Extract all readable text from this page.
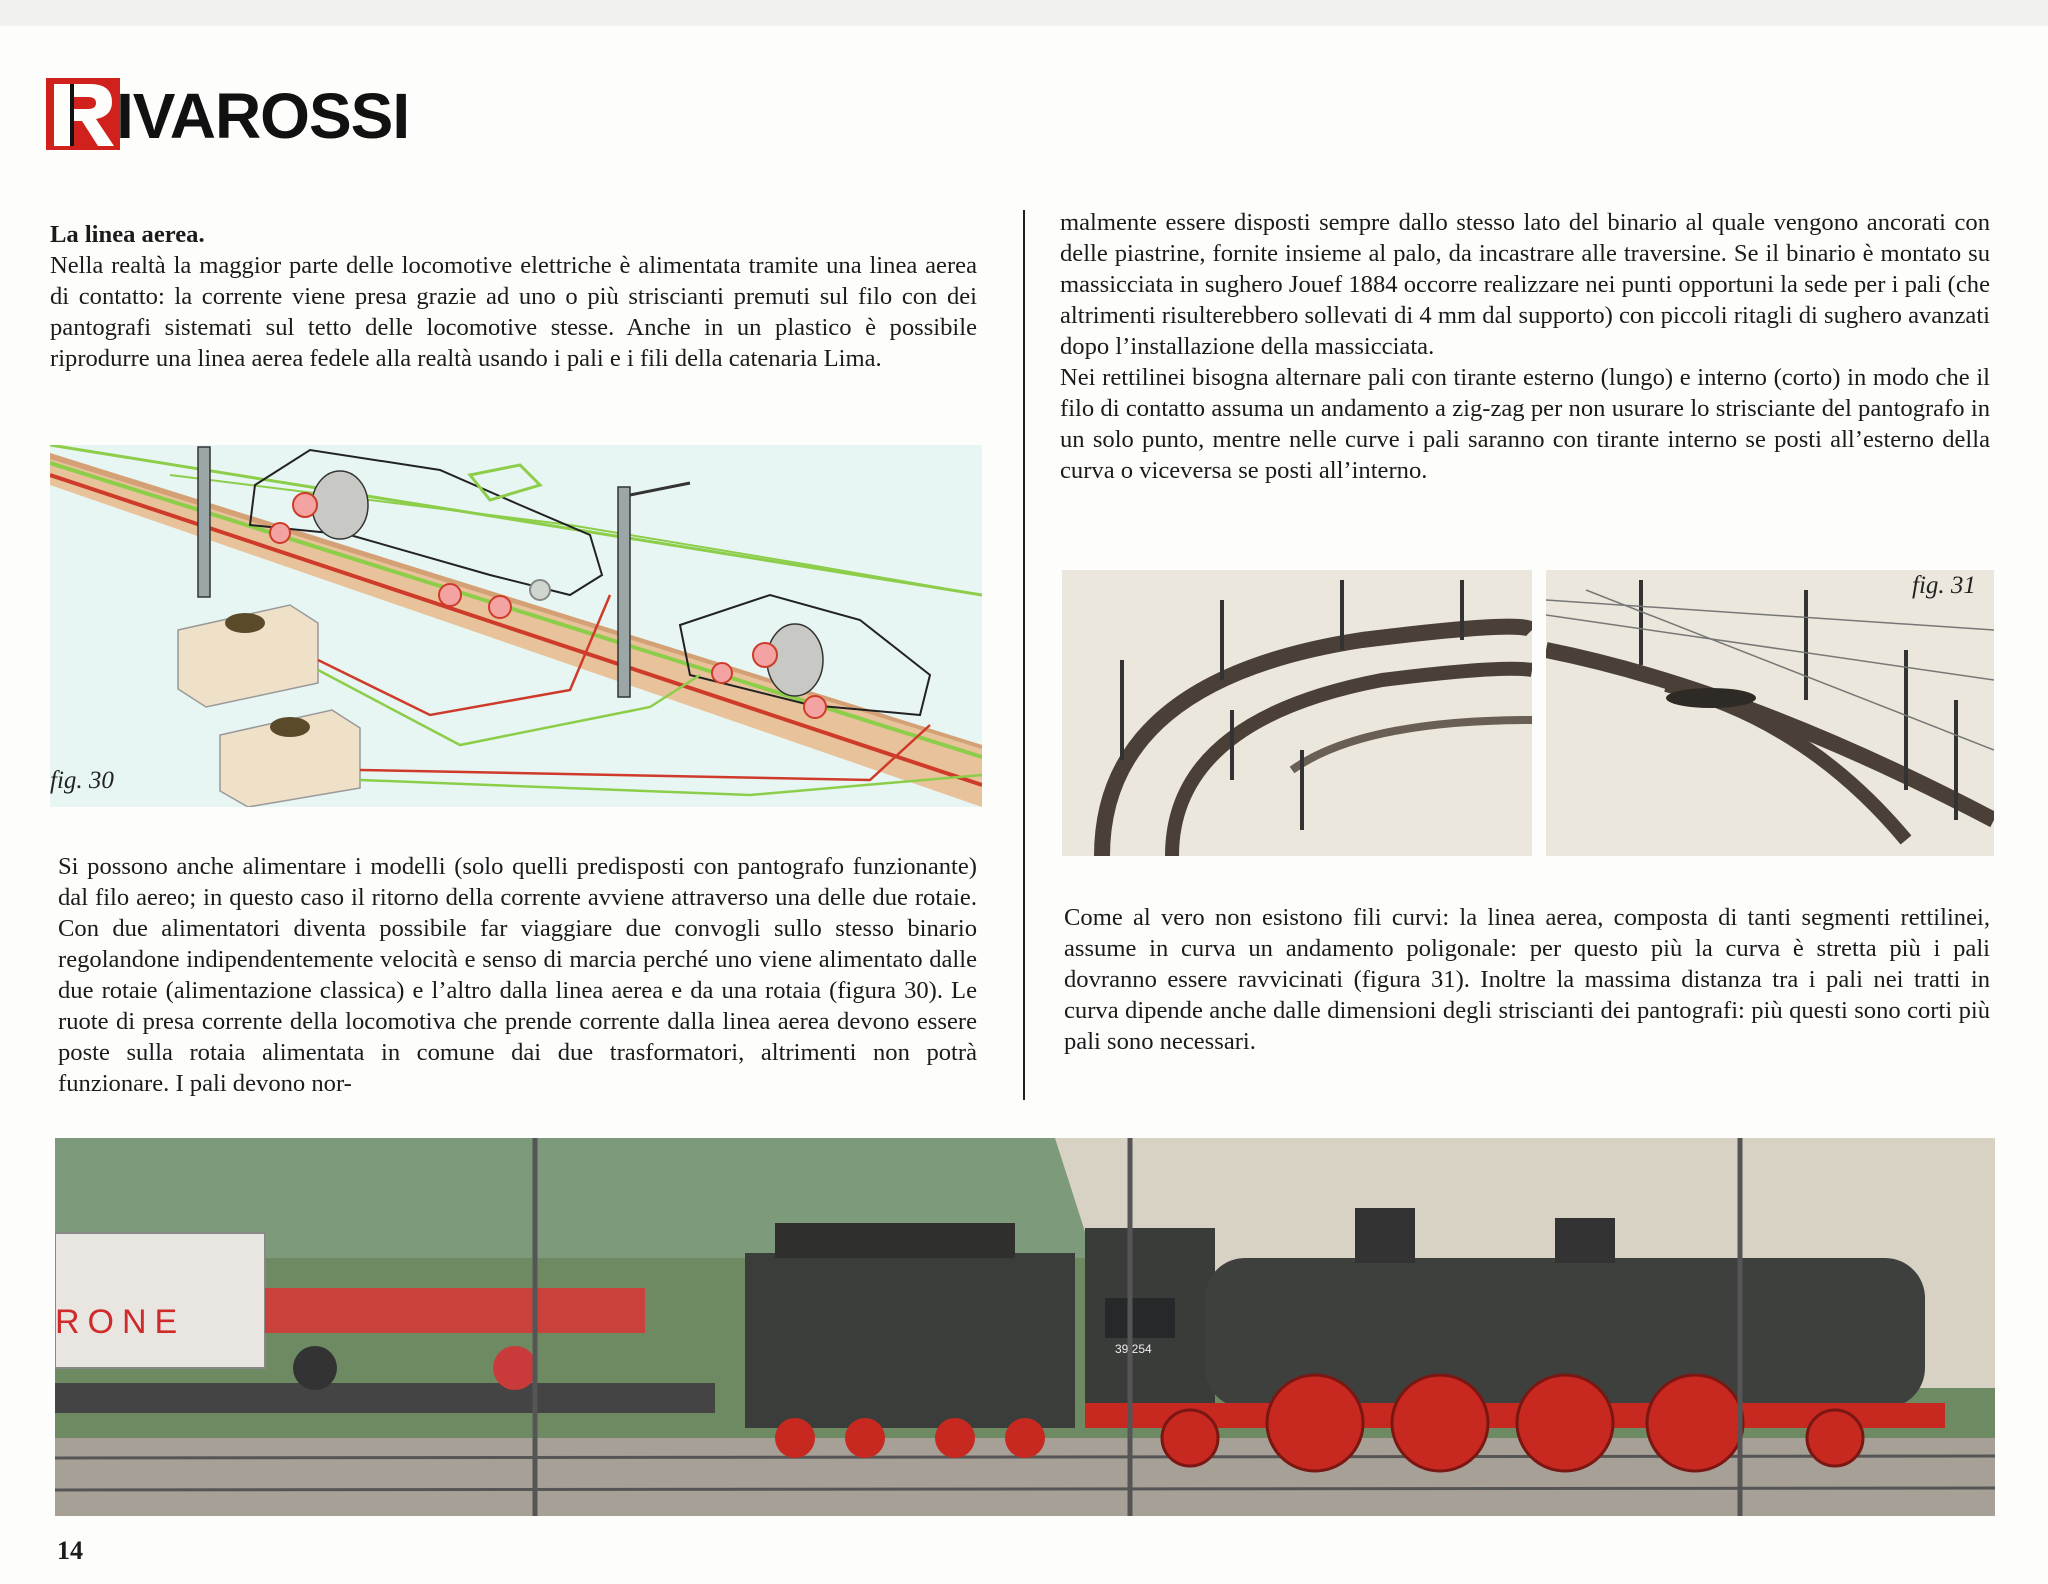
IVAROSSI

La linea aerea.

Nella realtà la maggior parte delle locomotive elettriche è alimentata tramite una linea aerea di contatto: la corrente viene presa grazie ad uno o più striscianti premuti sul filo con dei pantografi sistemati sul tetto delle locomotive stesse. Anche in un plastico è possibile riprodurre una linea aerea fedele alla realtà usando i pali e i fili della catenaria Lima.

fig. 30

Si possono anche alimentare i modelli (solo quelli predisposti con pantografo funzionante) dal filo aereo; in questo caso il ritorno della corrente avviene attraverso una delle due rotaie. Con due alimentatori diventa possibile far viaggiare due convogli sullo stesso binario regolandone indipendentemente velocità e senso di marcia perché uno viene alimentato dalle due rotaie (alimentazione classica) e l’altro dalla linea aerea e da una rotaia (figura 30). Le ruote di presa corrente della locomotiva che prende corrente dalla linea aerea devono essere poste sulla rotaia alimentata in comune dai due trasformatori, altrimenti non potrà funzionare. I pali devono nor-

malmente essere disposti sempre dallo stesso lato del binario al quale vengono ancorati con delle piastrine, fornite insieme al palo, da incastrare alle traversine. Se il binario è montato su massicciata in sughero Jouef 1884 occorre realizzare nei punti opportuni la sede per i pali (che altrimenti risulterebbero sollevati di 4 mm dal supporto) con piccoli ritagli di sughero avanzati dopo l’installazione della massicciata.

Nei rettilinei bisogna alternare pali con tirante esterno (lungo) e interno (corto) in modo che il filo di contatto assuma un andamento a zig-zag per non usurare lo strisciante del pantografo in un solo punto, mentre nelle curve i pali saranno con tirante interno se posti all’esterno della curva o viceversa se posti all’interno.

fig. 31

Come al vero non esistono fili curvi: la linea aerea, composta di tanti segmenti rettilinei, assume in curva un andamento poligonale: per questo più la curva è stretta più i pali dovranno essere ravvicinati (figura 31). Inoltre la massima distanza tra i pali nei tratti in curva dipende anche dalle dimensioni degli striscianti dei pantografi: più questi sono corti più pali sono necessari.

RONE
39 254
14
